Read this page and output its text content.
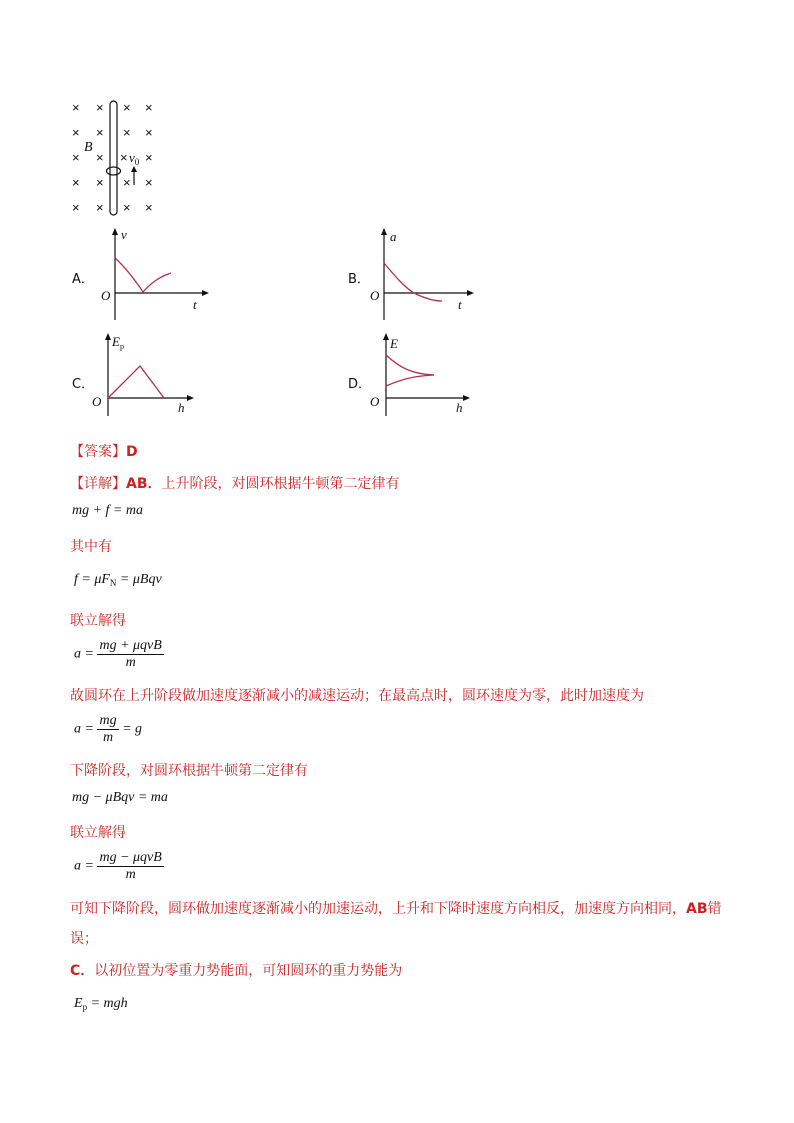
× × × ×
× × × ×
× × × ×
× × × ×
× × × ×
B
$v_0$
A．
v
O
t
B．
a
O
t
C．
$E_p$
O	h
D．
E
O	h
【答案】D
【详解】AB．上升阶段，对圆环根据牛顿第二定律有
mg + f = ma
其中有
$f = \mu F_N = \mu Bqv$
联立解得
$a = \frac{\text{mg + μqvB}}{m}$
故圆环在上升阶段做加速度逐渐减小的减速运动；在最高点时，圆环速度为零，此时加速度为
$a = \frac{mg}{m} = g$
下降阶段，对圆环根据牛顿第二定律有
mg − μBqv = ma
联立解得
$a = \frac{\text{mg − μqvB}}{m}$
可知下降阶段，圆环做加速度逐渐减小的加速运动，上升和下降时速度方向相反，加速度方向相同，AB错
误；
C．以初位置为零重力势能面，可知圆环的重力势能为
$E_p$ = mgh
